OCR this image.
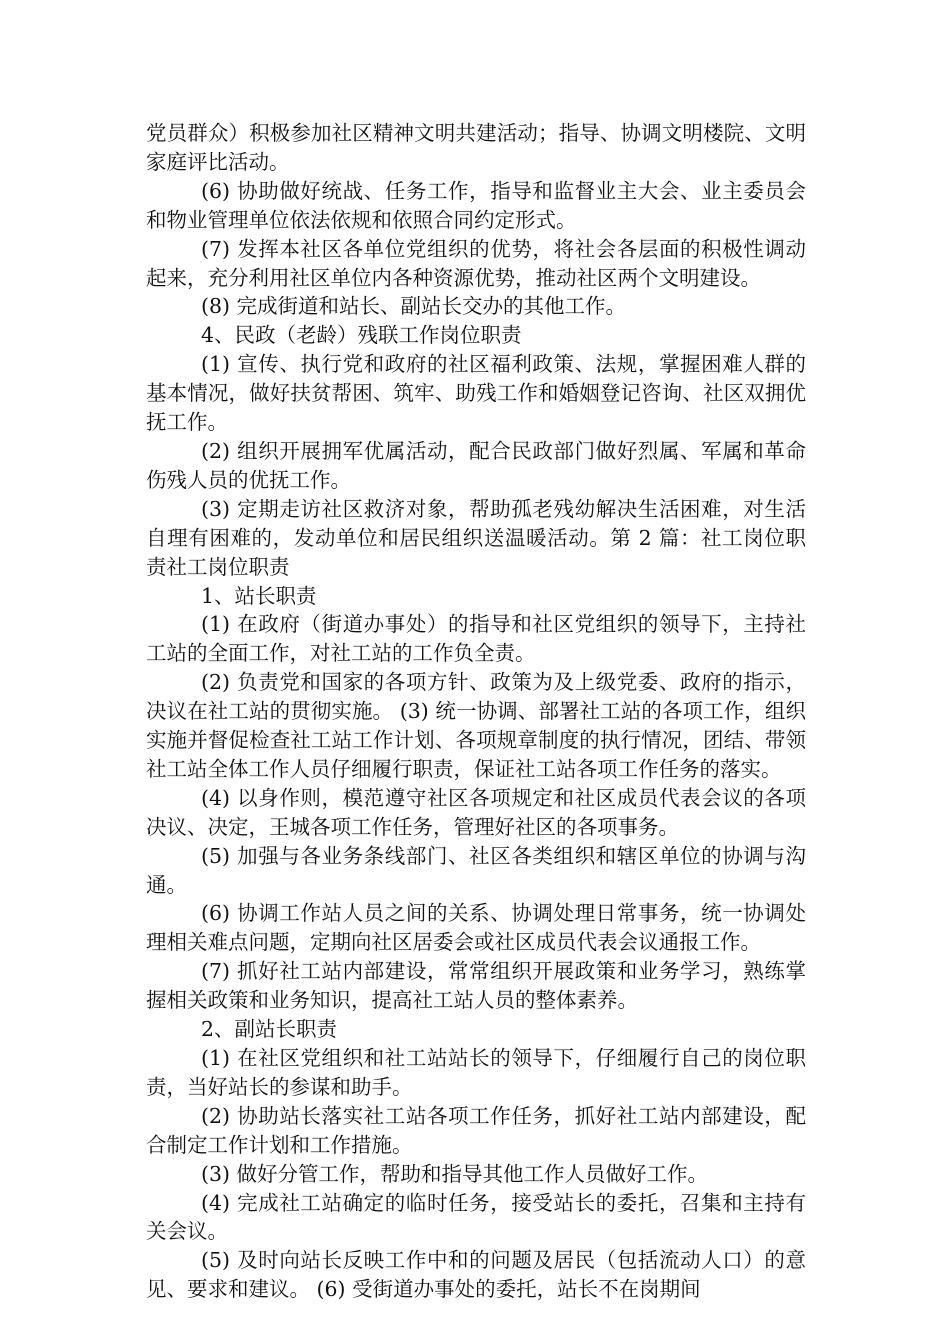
党员群众）积极参加社区精神文明共建活动；指导、协调文明楼院、文明家庭评比活动。

(6) 协助做好统战、任务工作，指导和监督业主大会、业主委员会和物业管理单位依法依规和依照合同约定形式。

(7) 发挥本社区各单位党组织的优势，将社会各层面的积极性调动起来，充分利用社区单位内各种资源优势，推动社区两个文明建设。

(8) 完成街道和站长、副站长交办的其他工作。

4、民政（老龄）残联工作岗位职责

(1) 宣传、执行党和政府的社区福利政策、法规，掌握困难人群的基本情况，做好扶贫帮困、筑牢、助残工作和婚姻登记咨询、社区双拥优抚工作。

(2) 组织开展拥军优属活动，配合民政部门做好烈属、军属和革命伤残人员的优抚工作。

(3) 定期走访社区救济对象，帮助孤老残幼解决生活困难，对生活自理有困难的，发动单位和居民组织送温暖活动。第 2 篇：社工岗位职责社工岗位职责

1、站长职责

(1) 在政府（街道办事处）的指导和社区党组织的领导下，主持社工站的全面工作，对社工站的工作负全责。

(2) 负责党和国家的各项方针、政策为及上级党委、政府的指示，决议在社工站的贯彻实施。 (3) 统一协调、部署社工站的各项工作，组织实施并督促检查社工站工作计划、各项规章制度的执行情况，团结、带领社工站全体工作人员仔细履行职责，保证社工站各项工作任务的落实。

(4) 以身作则，模范遵守社区各项规定和社区成员代表会议的各项决议、决定，王城各项工作任务，管理好社区的各项事务。

(5) 加强与各业务条线部门、社区各类组织和辖区单位的协调与沟通。

(6) 协调工作站人员之间的关系、协调处理日常事务，统一协调处理相关难点问题，定期向社区居委会或社区成员代表会议通报工作。

(7) 抓好社工站内部建设，常常组织开展政策和业务学习，熟练掌握相关政策和业务知识，提高社工站人员的整体素养。

2、副站长职责

(1) 在社区党组织和社工站站长的领导下，仔细履行自己的岗位职责，当好站长的参谋和助手。

(2) 协助站长落实社工站各项工作任务，抓好社工站内部建设，配合制定工作计划和工作措施。

(3) 做好分管工作，帮助和指导其他工作人员做好工作。

(4) 完成社工站确定的临时任务，接受站长的委托，召集和主持有关会议。

(5) 及时向站长反映工作中和的问题及居民（包括流动人口）的意见、要求和建议。 (6) 受街道办事处的委托，站长不在岗期间
